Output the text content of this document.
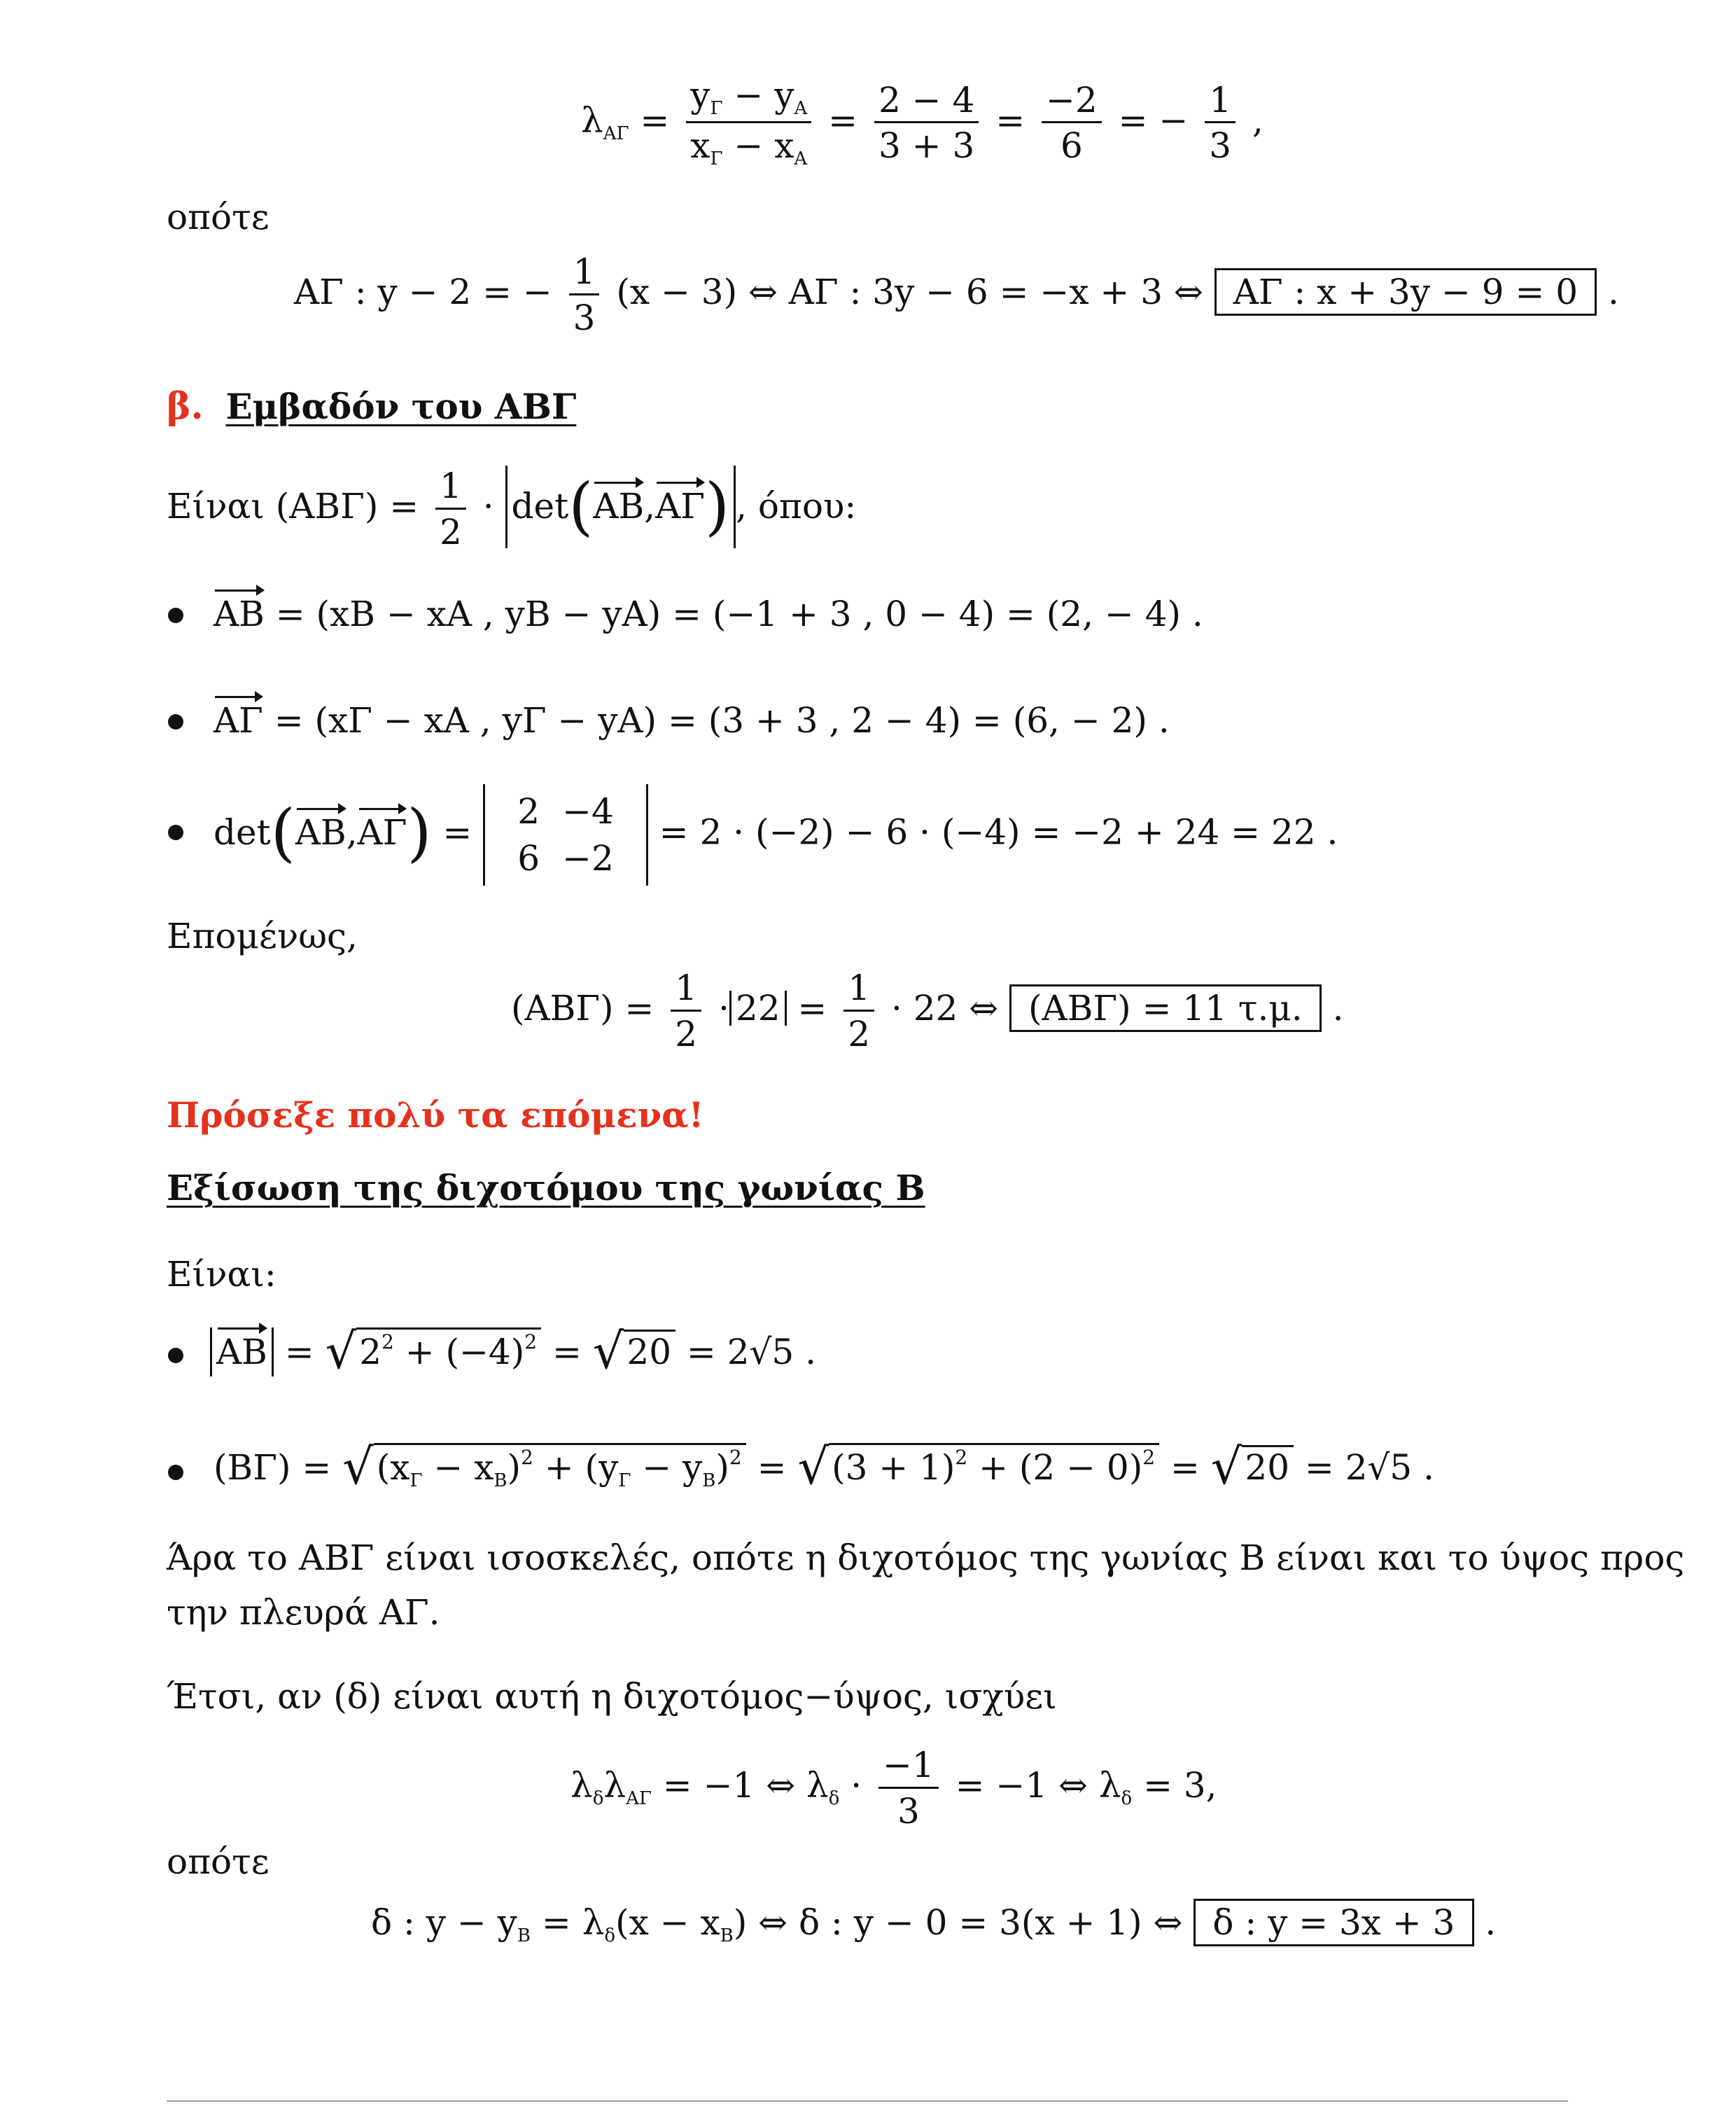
$\lambda_{A\Gamma} = \frac{y_\Gamma - y_A}{x_\Gamma - x_A} = \frac{2 - 4}{3 + 3} = \frac{-2}{6}$ = − $\frac{1}{3}$ ,
οπότε
ΑΓ : y − 2 = − $\frac{1}{3} (x - 3)$ ⇔ ΑΓ : 3y − 6 = −x + 3 ⇔ ΑΓ : x + 3y − 9 = 0 .
β. Εμβαδόν του ΑΒΓ
Είναι $(AB\Gamma) = \frac{1}{2} \cdot \det(AB,A\Gamma)$ , όπου:
ΑΒ = (xΒ − xΑ , yΒ − yΑ) = (−1 + 3 , 0 − 4) = (2, − 4) .
ΑΓ = (xΓ − xΑ , yΓ − yΑ) = (3 + 3 , 2 − 4) = (6, − 2) .
det(ΑΒ,ΑΓ) =
2	−4
6	−2
= 2 · (−2) − 6 · (−4) = −2 + 24 = 22 .
Επομένως,
$(AB\Gamma) = \frac{1}{2} \cdot 22 = \frac{1}{2} \cdot 22$ ⇔ (ΑΒΓ) = 11 τ.μ. .
Πρόσεξε πολύ τα επόμενα!
Εξίσωση της διχοτόμου της γωνίας Β
Είναι:
$AB = √2^2 + (-4)^2 = √20 = 2√5$ .
$(B\Gamma) = √(x_\Gamma - x_B)^2 + (y_\Gamma - y_B)^2 = √(3 + 1)^2 + (2 - 0)^2 = √20 = 2√5$ .
Άρα το ΑΒΓ είναι ισοσκελές, οπότε η διχοτόμος της γωνίας Β είναι και το ύψος προς
την πλευρά ΑΓ.
Έτσι, αν (δ) είναι αυτή η διχοτόμος−ύψος, ισχύει
$\lambda_\delta\lambda_{A\Gamma} = -1$ ⇔ $\lambda_\delta \cdot \frac{-1}{3} = -1$ ⇔ $\lambda_\delta = 3$,
οπότε
δ : $y - y_B = \lambda_\delta(x - x_B)$ ⇔ δ : y − 0 = 3(x + 1) ⇔ δ : y = 3x + 3 .
